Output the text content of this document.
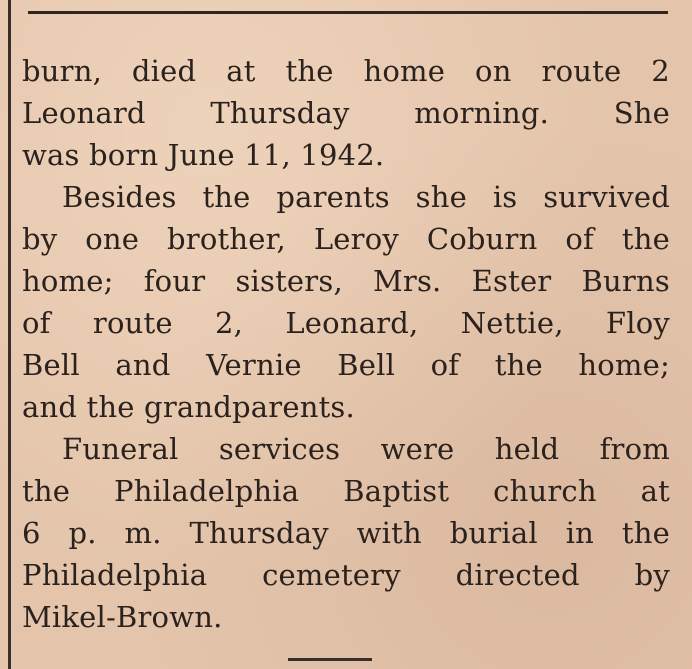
burn, died at the home on route 2
Leonard Thursday morning. She
was born June 11, 1942.
Besides the parents she is survived
by one brother, Leroy Coburn of the
home; four sisters, Mrs. Ester Burns
of route 2, Leonard, Nettie, Floy
Bell and Vernie Bell of the home;
and the grandparents.
Funeral services were held from
the Philadelphia Baptist church at
6 p. m. Thursday with burial in the
Philadelphia cemetery directed by
Mikel-Brown.
